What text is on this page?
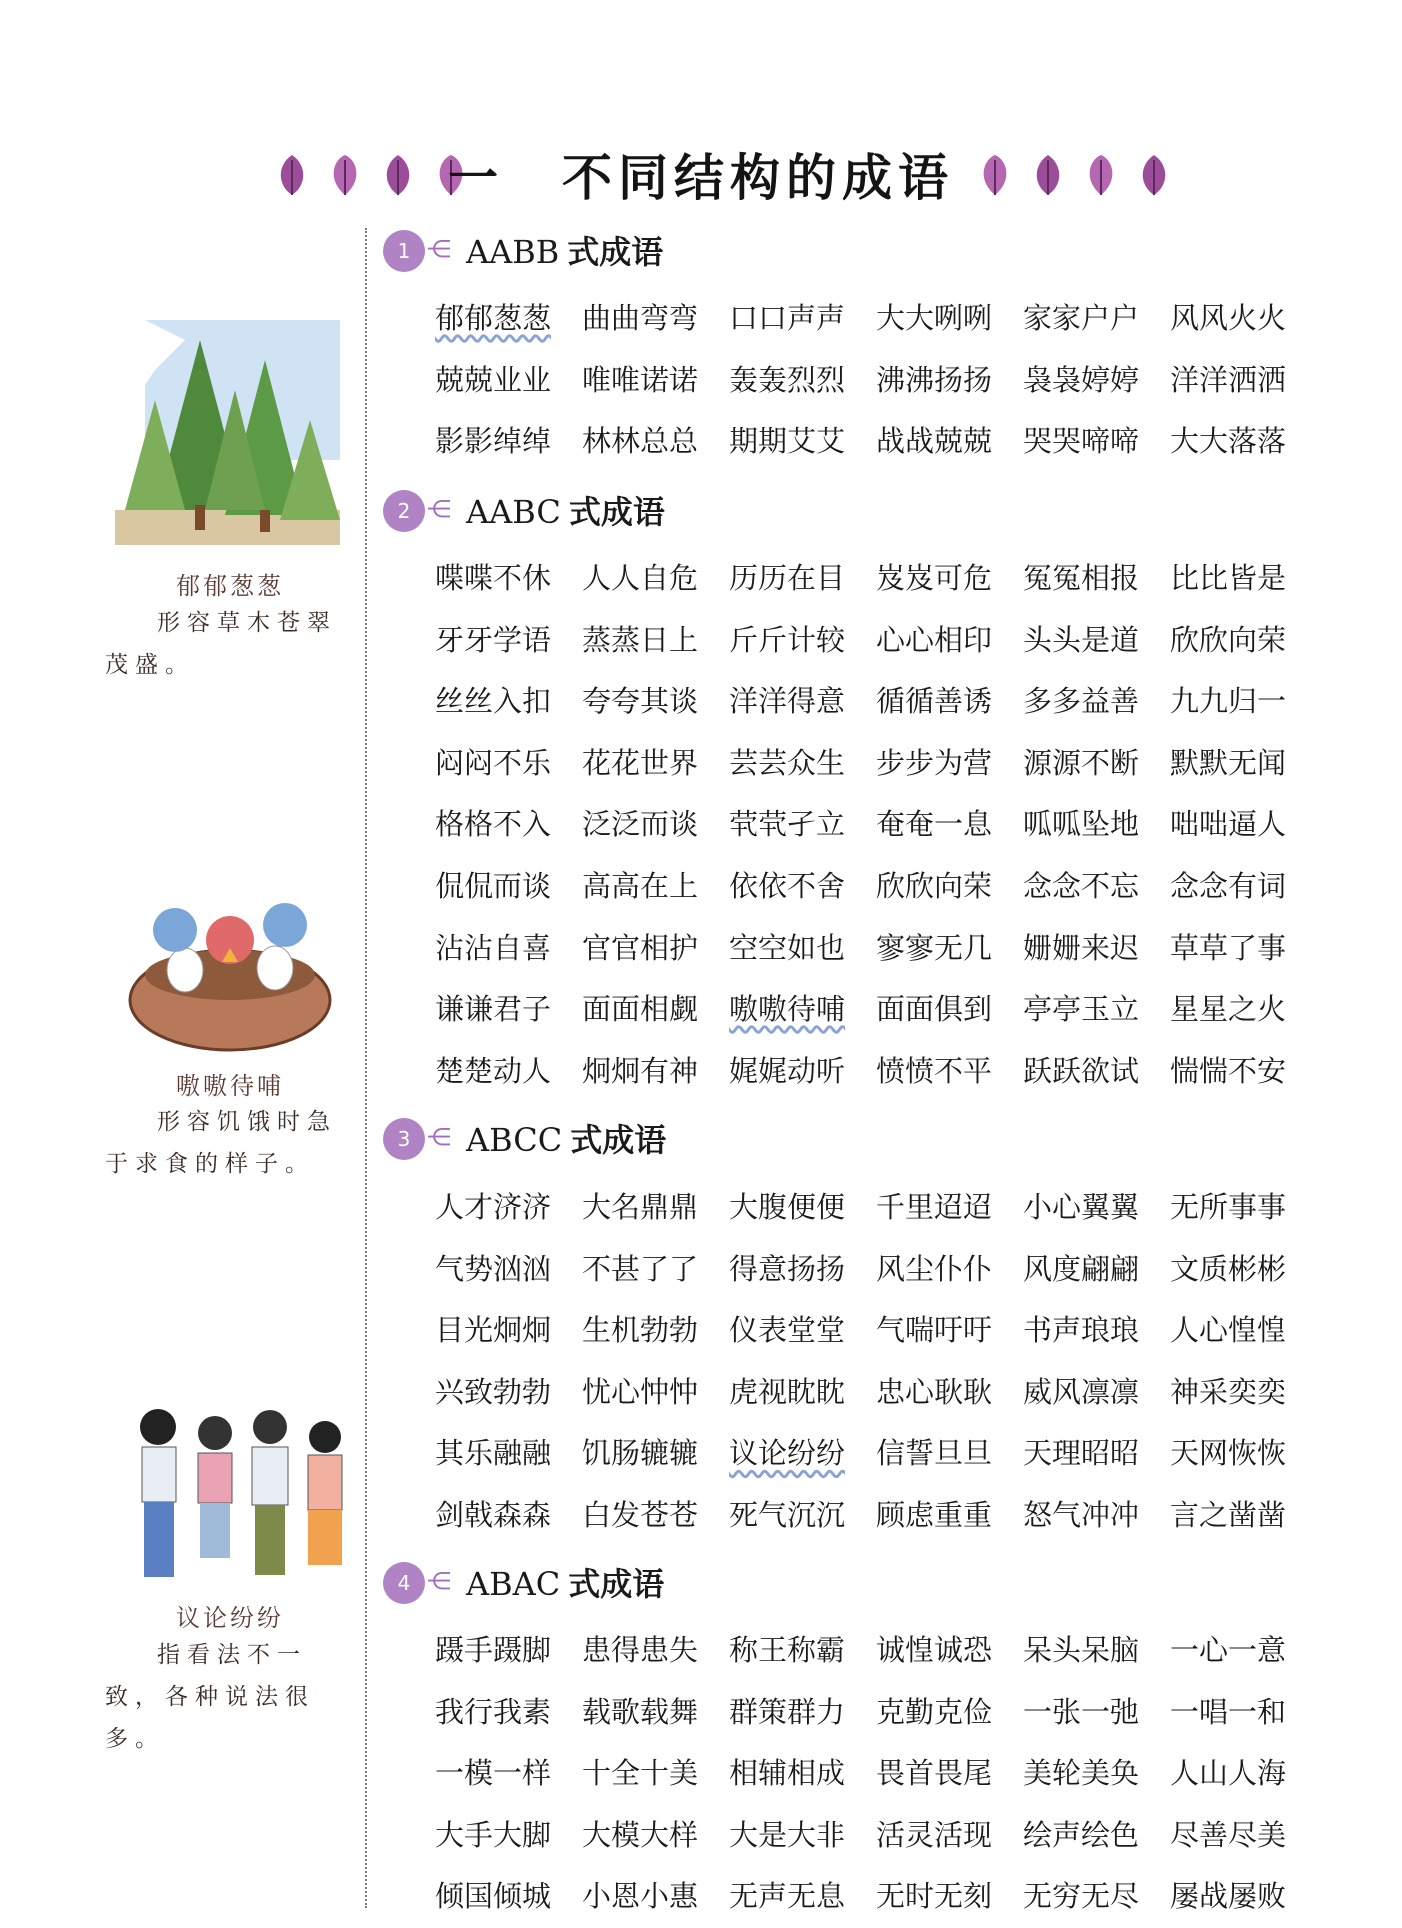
一 不同结构的成语

1 ⋲ AABB 式成语
郁郁葱葱	曲曲弯弯	口口声声	大大咧咧	家家户户	风风火火
兢兢业业	唯唯诺诺	轰轰烈烈	沸沸扬扬	袅袅婷婷	洋洋洒洒
影影绰绰	林林总总	期期艾艾	战战兢兢	哭哭啼啼	大大落落
2 ⋲ AABC 式成语
喋喋不休	人人自危	历历在目	岌岌可危	冤冤相报	比比皆是
牙牙学语	蒸蒸日上	斤斤计较	心心相印	头头是道	欣欣向荣
丝丝入扣	夸夸其谈	洋洋得意	循循善诱	多多益善	九九归一
闷闷不乐	花花世界	芸芸众生	步步为营	源源不断	默默无闻
格格不入	泛泛而谈	茕茕孑立	奄奄一息	呱呱坠地	咄咄逼人
侃侃而谈	高高在上	依依不舍	欣欣向荣	念念不忘	念念有词
沾沾自喜	官官相护	空空如也	寥寥无几	姗姗来迟	草草了事
谦谦君子	面面相觑	嗷嗷待哺	面面俱到	亭亭玉立	星星之火
楚楚动人	炯炯有神	娓娓动听	愤愤不平	跃跃欲试	惴惴不安
3 ⋲ ABCC 式成语
人才济济	大名鼎鼎	大腹便便	千里迢迢	小心翼翼	无所事事
气势汹汹	不甚了了	得意扬扬	风尘仆仆	风度翩翩	文质彬彬
目光炯炯	生机勃勃	仪表堂堂	气喘吁吁	书声琅琅	人心惶惶
兴致勃勃	忧心忡忡	虎视眈眈	忠心耿耿	威风凛凛	神采奕奕
其乐融融	饥肠辘辘	议论纷纷	信誓旦旦	天理昭昭	天网恢恢
剑戟森森	白发苍苍	死气沉沉	顾虑重重	怒气冲冲	言之凿凿
4 ⋲ ABAC 式成语
蹑手蹑脚	患得患失	称王称霸	诚惶诚恐	呆头呆脑	一心一意
我行我素	载歌载舞	群策群力	克勤克俭	一张一弛	一唱一和
一模一样	十全十美	相辅相成	畏首畏尾	美轮美奂	人山人海
大手大脚	大模大样	大是大非	活灵活现	绘声绘色	尽善尽美
倾国倾城	小恩小惠	无声无息	无时无刻	无穷无尽	屡战屡败
郁郁葱葱
形容草木苍翠茂盛。
嗷嗷待哺
形容饥饿时急于求食的样子。
议论纷纷
指看法不一致，各种说法很多。
